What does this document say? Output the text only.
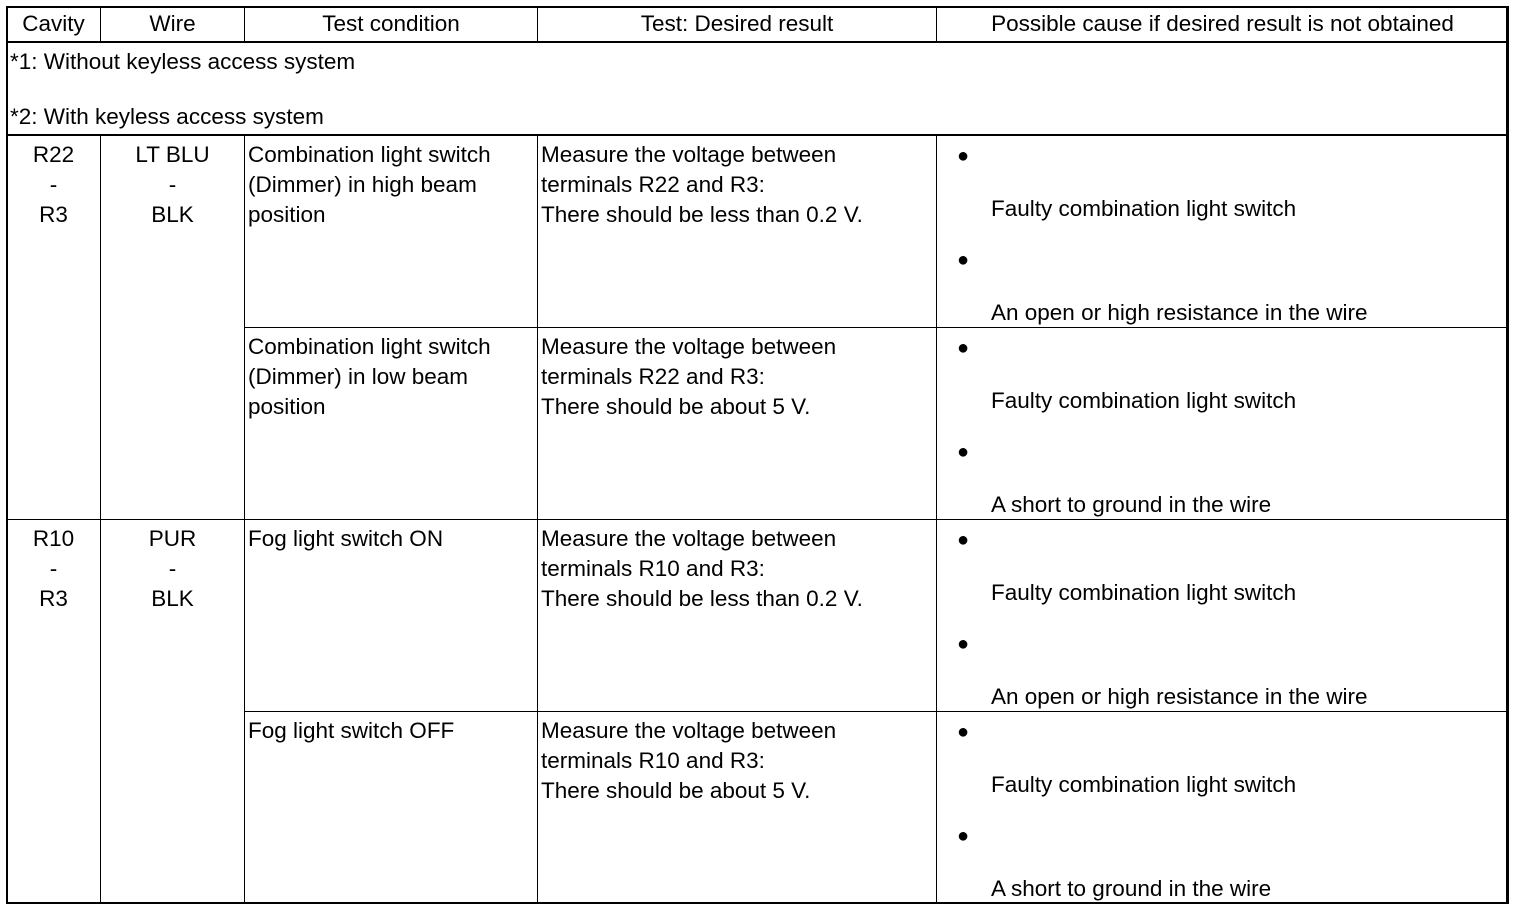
Cavity	Wire	Test condition	Test: Desired result	Possible cause if desired result is not obtained

*1: Without keyless access system
*2: With keyless access system				

R22
-
R3	LT BLU
-
BLK	Combination light switch
(Dimmer) in high beam
position	Measure the voltage between
terminals R22 and R3:
There should be less than 0.2 V.	●
Faulty combination light switch
●
An open or high resistance in the wire

		Combination light switch
(Dimmer) in low beam
position	Measure the voltage between
terminals R22 and R3:
There should be about 5 V.	●
Faulty combination light switch
●
A short to ground in the wire

R10
-
R3	PUR
-
BLK	Fog light switch ON	Measure the voltage between
terminals R10 and R3:
There should be less than 0.2 V.	●
Faulty combination light switch
●
An open or high resistance in the wire

		Fog light switch OFF	Measure the voltage between
terminals R10 and R3:
There should be about 5 V.	●
Faulty combination light switch
●
A short to ground in the wire
